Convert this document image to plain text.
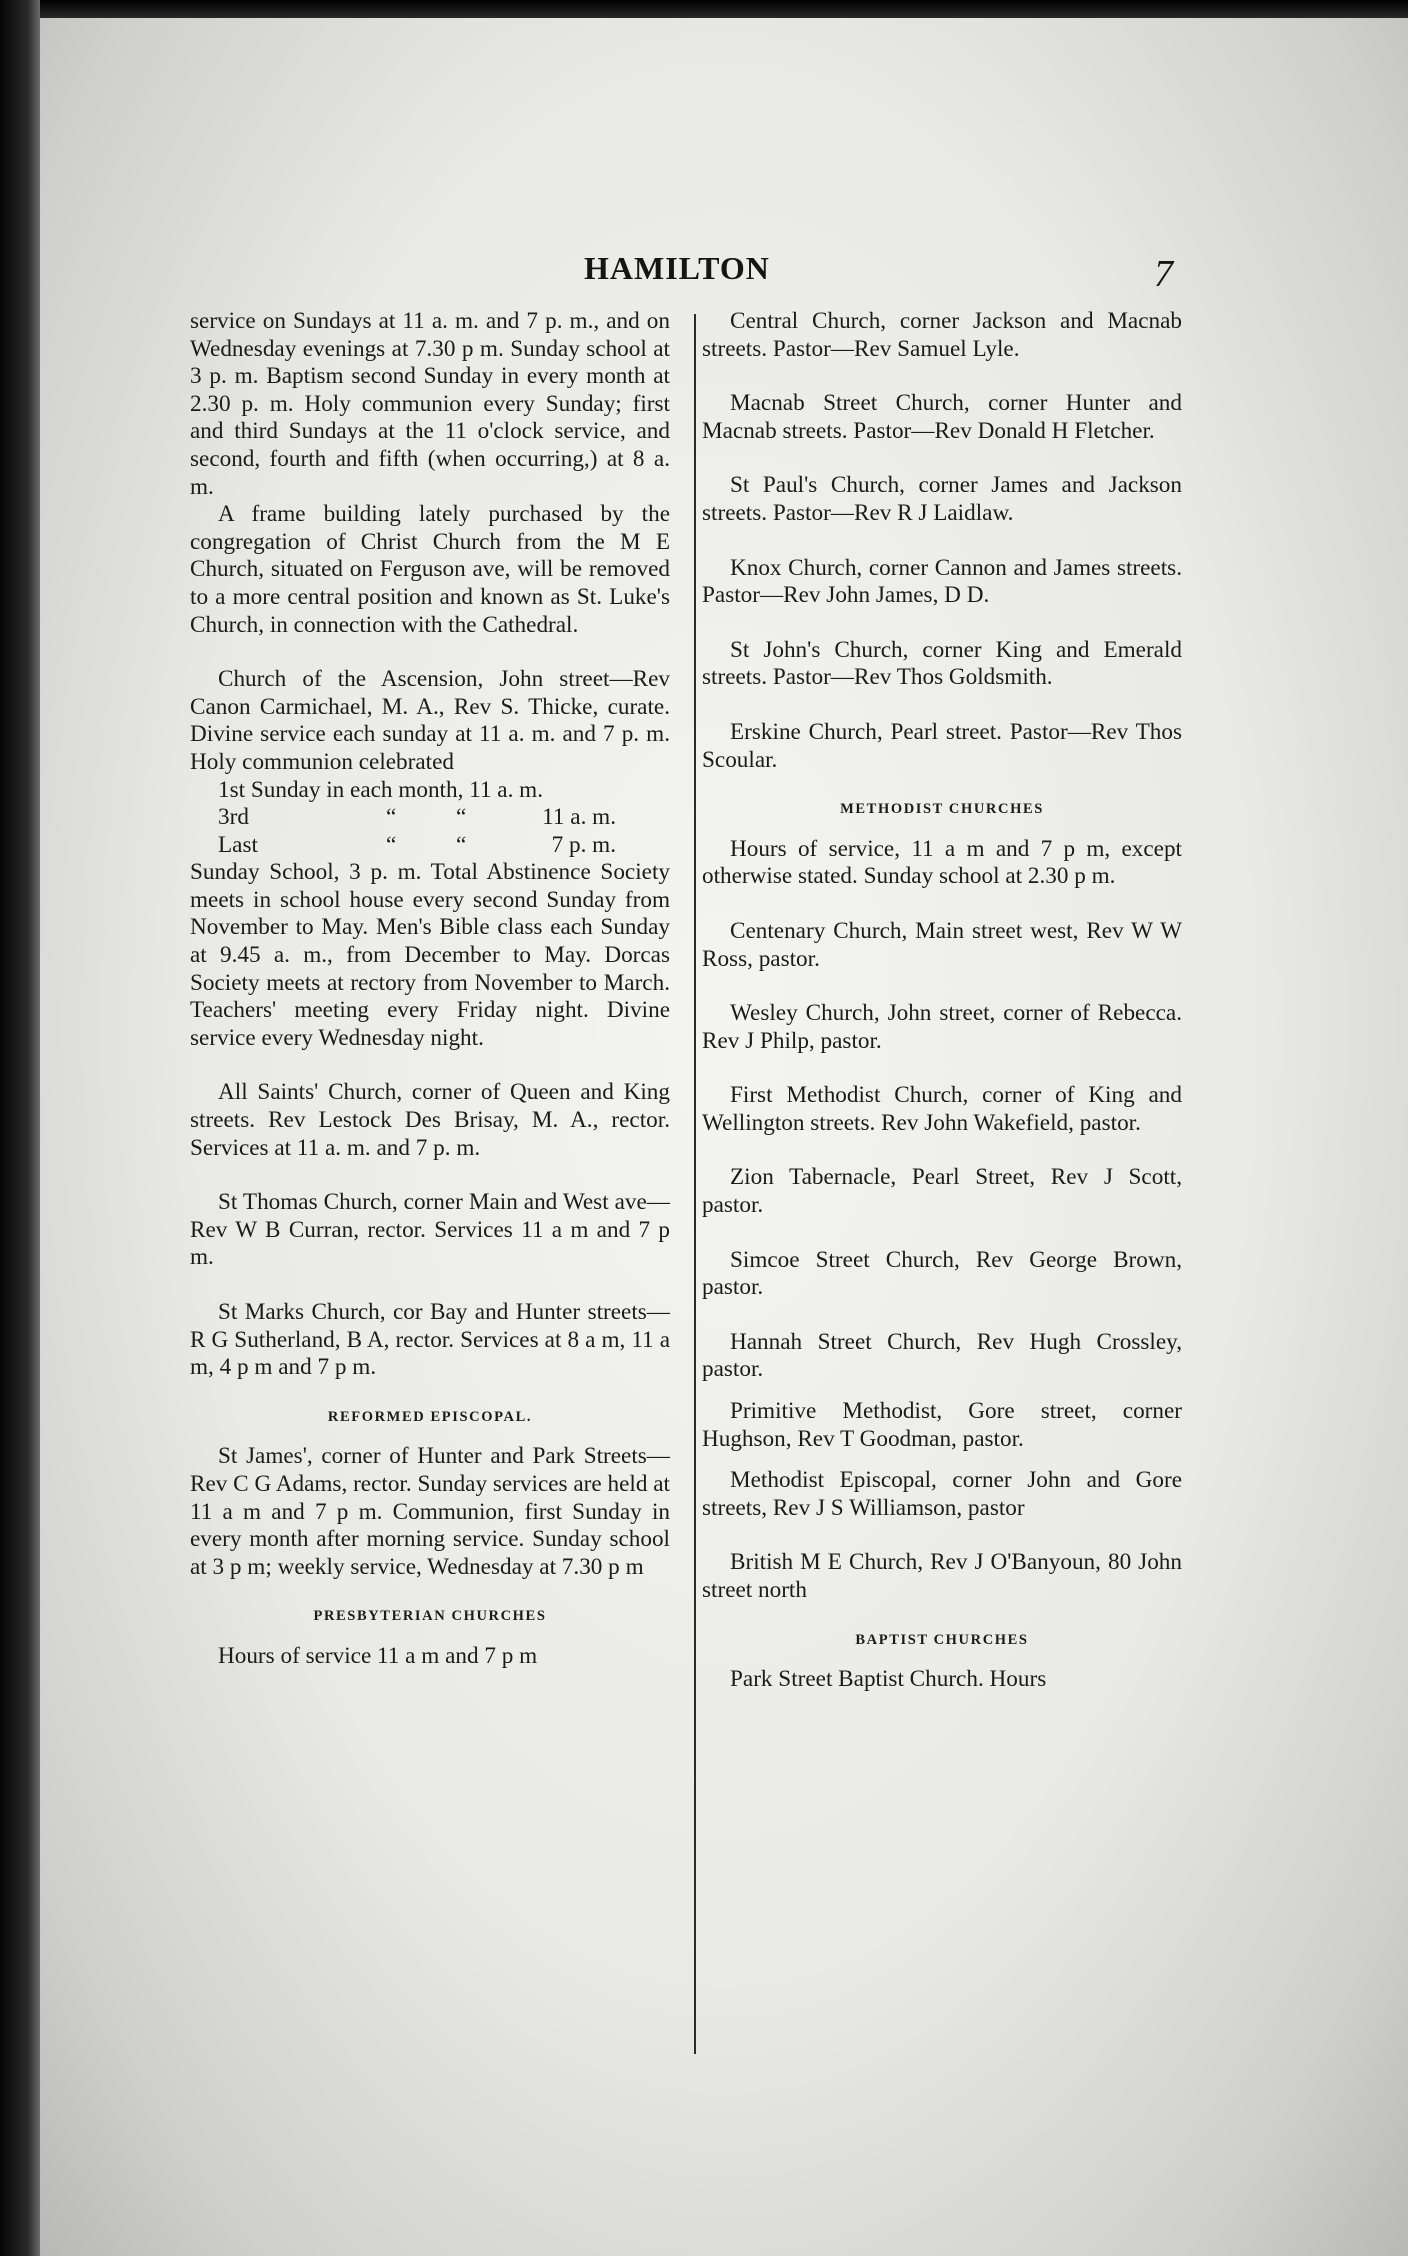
HAMILTON	7

service on Sundays at 11 a. m. and 7 p. m., and on Wednesday evenings at 7.30 p m. Sunday school at 3 p. m. Baptism second Sunday in every month at 2.30 p. m. Holy communion every Sunday; first and third Sundays at the 11 o'clock service, and second, fourth and fifth (when occurring,) at 8 a. m.

A frame building lately purchased by the congregation of Christ Church from the M E Church, situated on Ferguson ave, will be removed to a more central position and known as St. Luke's Church, in connection with the Cathedral.

Church of the Ascension, John street—Rev Canon Carmichael, M. A., Rev S. Thicke, curate. Divine service each sunday at 11 a. m. and 7 p. m. Holy communion celebrated

1st Sunday in each month, 11 a. m.
3rd	“	“	11 a. m.
Last	“	“	7 p. m.

Sunday School, 3 p. m. Total Abstinence Society meets in school house every second Sunday from November to May. Men's Bible class each Sunday at 9.45 a. m., from December to May. Dorcas Society meets at rectory from November to March. Teachers' meeting every Friday night. Divine service every Wednesday night.

All Saints' Church, corner of Queen and King streets. Rev Lestock Des Brisay, M. A., rector. Services at 11 a. m. and 7 p. m.

St Thomas Church, corner Main and West ave—Rev W B Curran, rector. Services 11 a m and 7 p m.

St Marks Church, cor Bay and Hunter streets—R G Sutherland, B A, rector. Services at 8 a m, 11 a m, 4 p m and 7 p m.

REFORMED EPISCOPAL.

St James', corner of Hunter and Park Streets—Rev C G Adams, rector. Sunday services are held at 11 a m and 7 p m. Communion, first Sunday in every month after morning service. Sunday school at 3 p m; weekly service, Wednesday at 7.30 p m

PRESBYTERIAN CHURCHES

Hours of service 11 a m and 7 p m

Central Church, corner Jackson and Macnab streets. Pastor—Rev Samuel Lyle.

Macnab Street Church, corner Hunter and Macnab streets. Pastor—Rev Donald H Fletcher.

St Paul's Church, corner James and Jackson streets. Pastor—Rev R J Laidlaw.

Knox Church, corner Cannon and James streets. Pastor—Rev John James, D D.

St John's Church, corner King and Emerald streets. Pastor—Rev Thos Goldsmith.

Erskine Church, Pearl street. Pastor—Rev Thos Scoular.

METHODIST CHURCHES

Hours of service, 11 a m and 7 p m, except otherwise stated. Sunday school at 2.30 p m.

Centenary Church, Main street west, Rev W W Ross, pastor.

Wesley Church, John street, corner of Rebecca. Rev J Philp, pastor.

First Methodist Church, corner of King and Wellington streets. Rev John Wakefield, pastor.

Zion Tabernacle, Pearl Street, Rev J Scott, pastor.

Simcoe Street Church, Rev George Brown, pastor.

Hannah Street Church, Rev Hugh Crossley, pastor.

Primitive Methodist, Gore street, corner Hughson, Rev T Goodman, pastor.

Methodist Episcopal, corner John and Gore streets, Rev J S Williamson, pastor

British M E Church, Rev J O'Banyoun, 80 John street north

BAPTIST CHURCHES

Park Street Baptist Church. Hours
